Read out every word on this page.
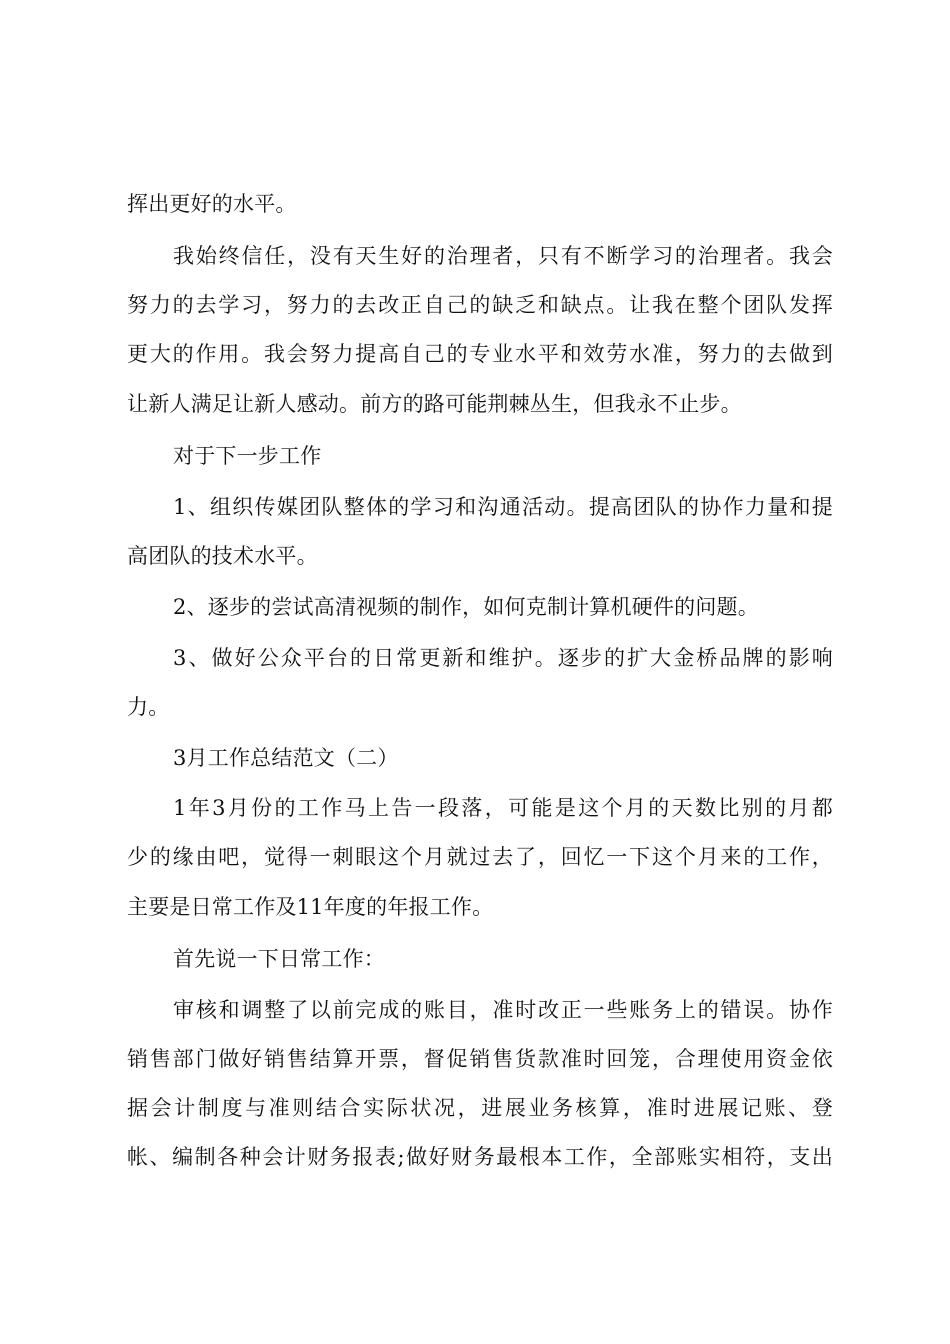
挥出更好的水平。
我始终信任，没有天生好的治理者，只有不断学习的治理者。我会
努力的去学习，努力的去改正自己的缺乏和缺点。让我在整个团队发挥
更大的作用。我会努力提高自己的专业水平和效劳水准，努力的去做到
让新人满足让新人感动。前方的路可能荆棘丛生，但我永不止步。
对于下一步工作
1、组织传媒团队整体的学习和沟通活动。提高团队的协作力量和提
高团队的技术水平。
2、逐步的尝试高清视频的制作，如何克制计算机硬件的问题。
3、做好公众平台的日常更新和维护。逐步的扩大金桥品牌的影响
力。
3月工作总结范文（二）
1年3月份的工作马上告一段落，可能是这个月的天数比别的月都
少的缘由吧，觉得一刺眼这个月就过去了，回忆一下这个月来的工作，
主要是日常工作及11年度的年报工作。
首先说一下日常工作：
审核和调整了以前完成的账目，准时改正一些账务上的错误。协作
销售部门做好销售结算开票，督促销售货款准时回笼，合理使用资金依
据会计制度与准则结合实际状况，进展业务核算，准时进展记账、登
帐、编制各种会计财务报表;做好财务最根本工作，全部账实相符，支出
